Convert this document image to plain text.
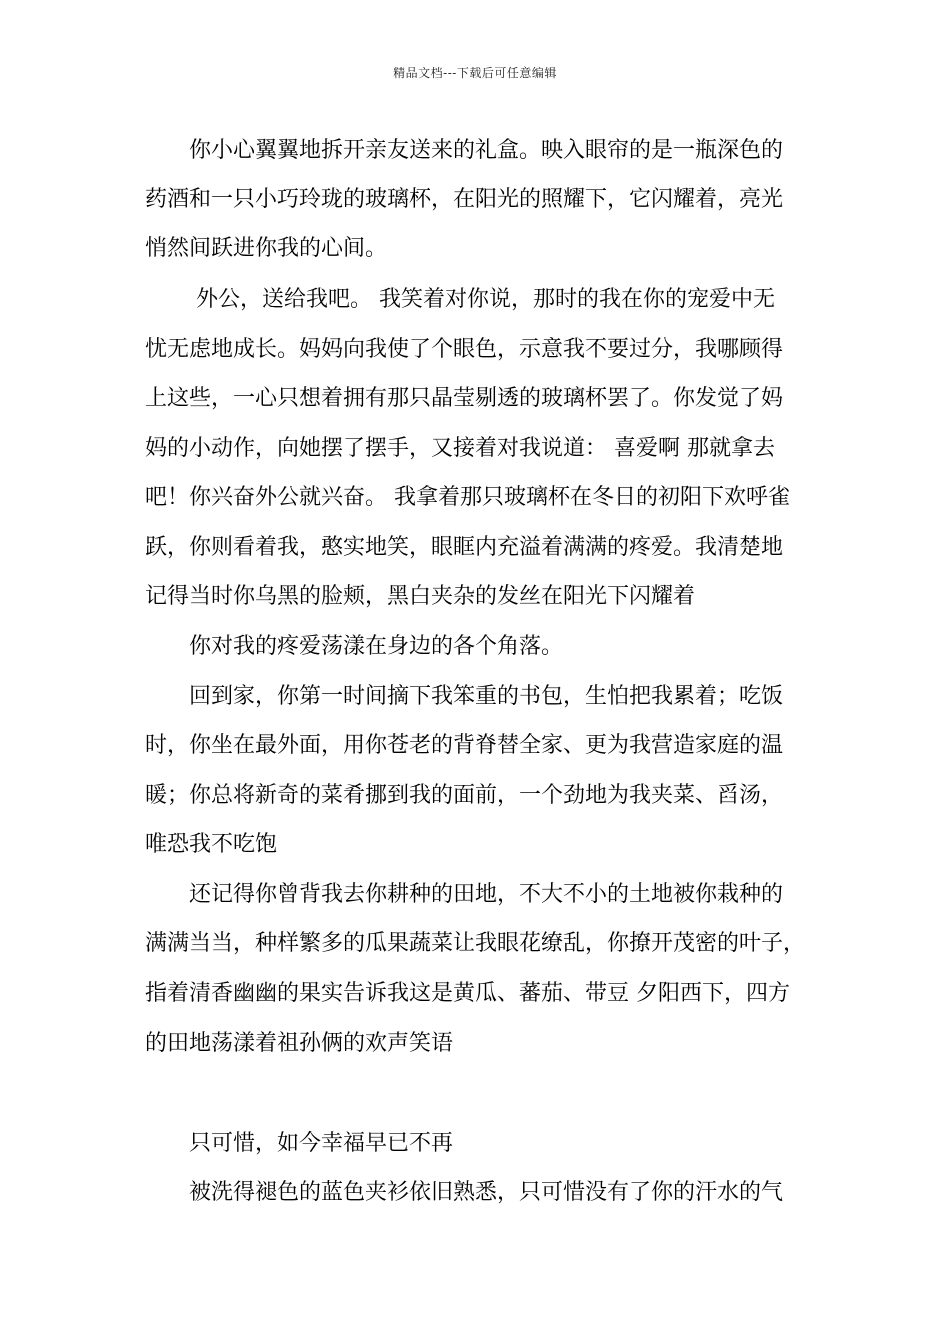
精品文档---下载后可任意编辑
　　你小心翼翼地拆开亲友送来的礼盒。映入眼帘的是一瓶深色的
药酒和一只小巧玲珑的玻璃杯，在阳光的照耀下，它闪耀着，亮光
悄然间跃进你我的心间。
　　 外公，送给我吧。 我笑着对你说，那时的我在你的宠爱中无
忧无虑地成长。妈妈向我使了个眼色，示意我不要过分，我哪顾得
上这些，一心只想着拥有那只晶莹剔透的玻璃杯罢了。你发觉了妈
妈的小动作，向她摆了摆手，又接着对我说道： 喜爱啊 那就拿去
吧！你兴奋外公就兴奋。 我拿着那只玻璃杯在冬日的初阳下欢呼雀
跃，你则看着我，憨实地笑，眼眶内充溢着满满的疼爱。我清楚地
记得当时你乌黑的脸颊，黑白夹杂的发丝在阳光下闪耀着
　　你对我的疼爱荡漾在身边的各个角落。
　　回到家，你第一时间摘下我笨重的书包，生怕把我累着；吃饭
时，你坐在最外面，用你苍老的背脊替全家、更为我营造家庭的温
暖；你总将新奇的菜肴挪到我的面前，一个劲地为我夹菜、舀汤，
唯恐我不吃饱
　　还记得你曾背我去你耕种的田地，不大不小的土地被你栽种的
满满当当，种样繁多的瓜果蔬菜让我眼花缭乱，你撩开茂密的叶子，
指着清香幽幽的果实告诉我这是黄瓜、蕃茄、带豆 夕阳西下，四方
的田地荡漾着祖孙俩的欢声笑语
　　只可惜，如今幸福早已不再
　　被洗得褪色的蓝色夹衫依旧熟悉，只可惜没有了你的汗水的气
